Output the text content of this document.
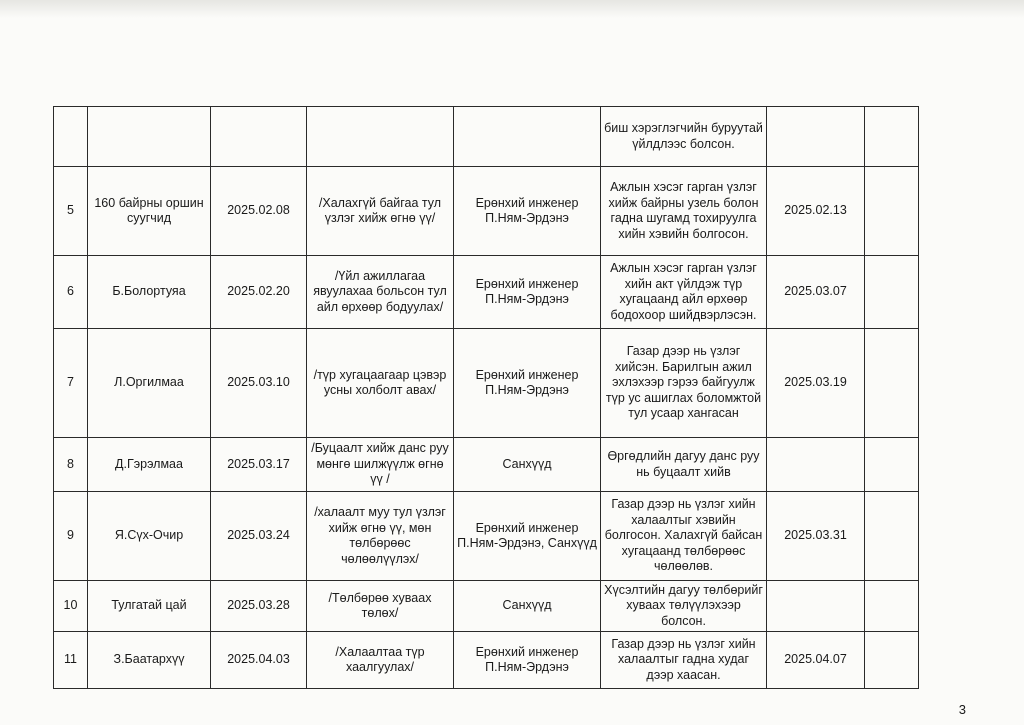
					биш хэрэглэгчийн буруутай үйлдлээс болсон.		
5	160 байрны оршин суугчид	2025.02.08	/Халахгүй байгаа тул үзлэг хийж өгнө үү/	Ерөнхий инженер П.Ням-Эрдэнэ	Ажлын хэсэг гарган үзлэг хийж байрны узель болон гадна шугамд тохируулга хийн хэвийн болгосон.	2025.02.13	
6	Б.Болортуяа	2025.02.20	/Үйл ажиллагаа явуулахаа больсон тул айл өрхөөр бодуулах/	Ерөнхий инженер П.Ням-Эрдэнэ	Ажлын хэсэг гарган үзлэг хийн акт үйлдэж түр хугацаанд айл өрхөөр бодохоор шийдвэрлэсэн.	2025.03.07	
7	Л.Оргилмаа	2025.03.10	/түр хугацаагаар цэвэр усны холболт авах/	Ерөнхий инженер П.Ням-Эрдэнэ	Газар дээр нь үзлэг хийсэн. Барилгын ажил эхлэхээр гэрээ байгуулж түр ус ашиглах боломжтой тул усаар хангасан	2025.03.19	
8	Д.Гэрэлмаа	2025.03.17	/Буцаалт хийж данс руу мөнгө шилжүүлж өгнө үү /	Санхүүд	Өргөдлийн дагуу данс руу нь буцаалт хийв		
9	Я.Сүх-Очир	2025.03.24	/халаалт муу тул үзлэг хийж өгнө үү, мөн төлбөрөөс чөлөөлүүлэх/	Ерөнхий инженер П.Ням-Эрдэнэ, Санхүүд	Газар дээр нь үзлэг хийн халаалтыг хэвийн болгосон. Халахгүй байсан хугацаанд төлбөрөөс чөлөөлөв.	2025.03.31	
10	Тулгатай цай	2025.03.28	/Төлбөрөө хуваах төлөх/	Санхүүд	Хүсэлтийн дагуу төлбөрийг хуваах төлүүлэхээр болсон.		
11	З.Баатархүү	2025.04.03	/Халаалтаа түр хаалгуулах/	Ерөнхий инженер П.Ням-Эрдэнэ	Газар дээр нь үзлэг хийн халаалтыг гадна худаг дээр хаасан.	2025.04.07	
3
